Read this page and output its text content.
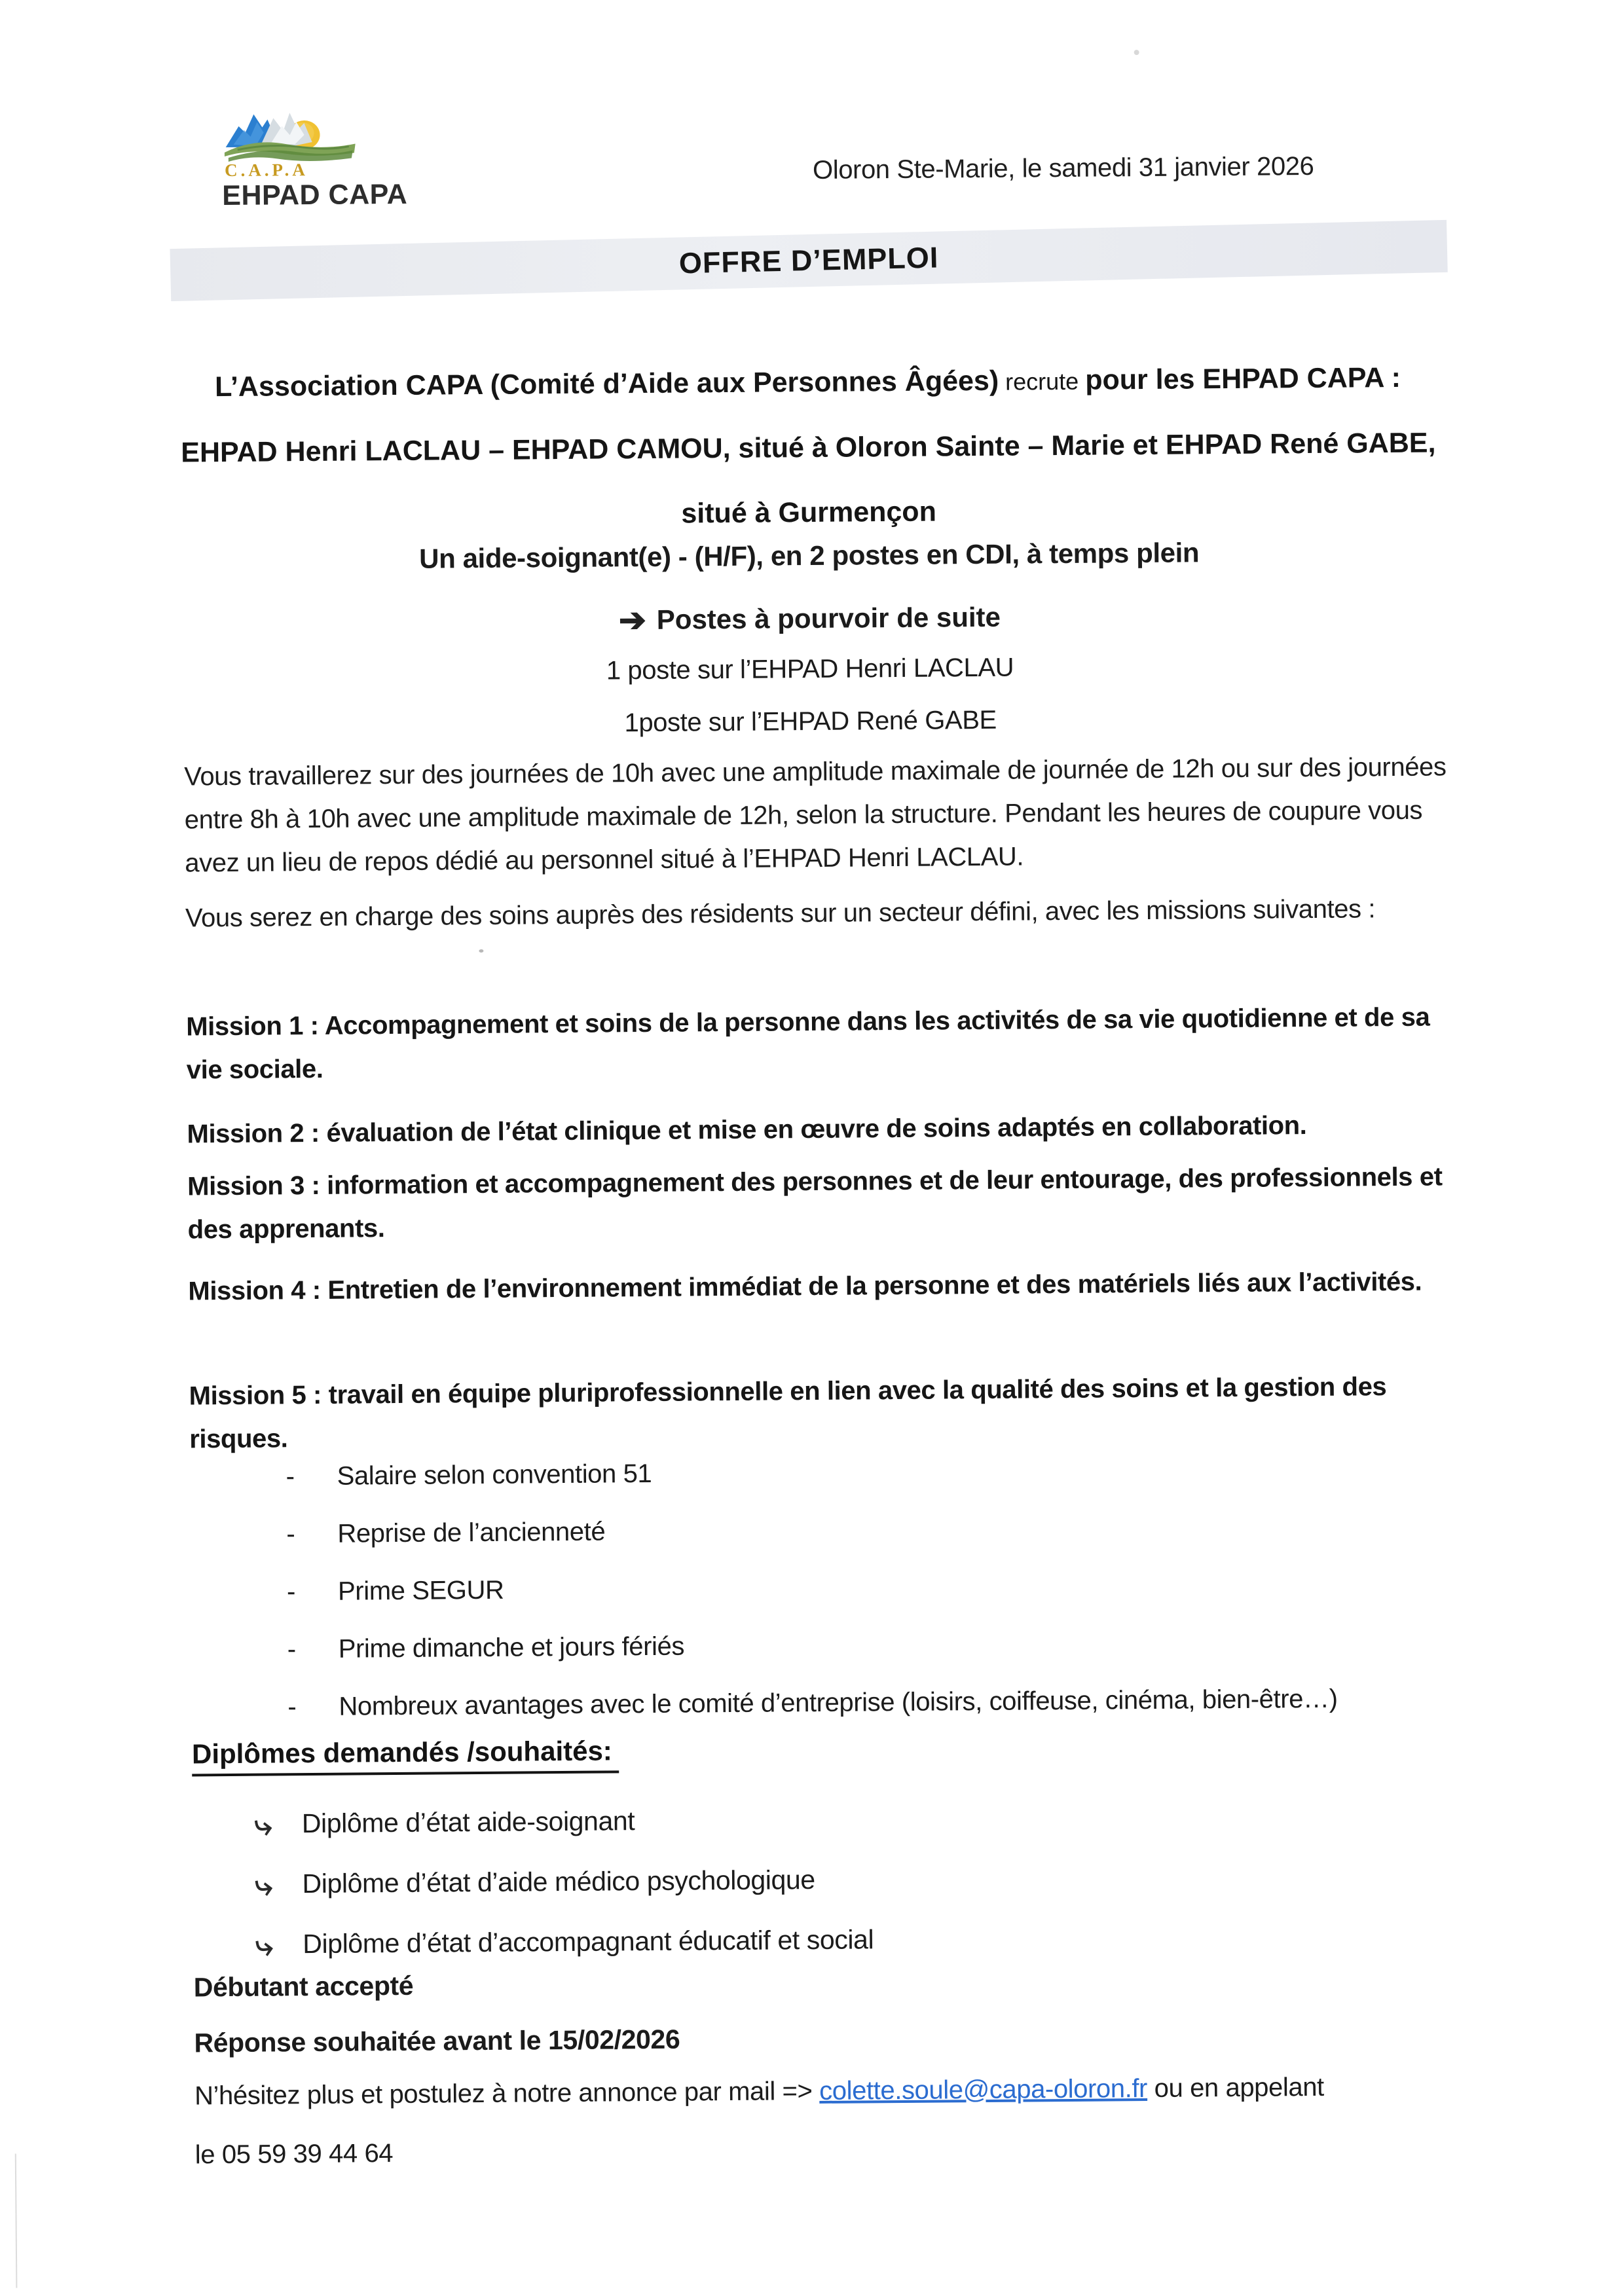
C.A.P.A
EHPAD CAPA
Oloron Ste-Marie, le samedi 31 janvier 2026
OFFRE D’EMPLOI
L’Association CAPA (Comité d’Aide aux Personnes Âgées) recrute pour les EHPAD CAPA : EHPAD Henri LACLAU – EHPAD CAMOU, situé à Oloron Sainte – Marie et EHPAD René GABE, situé à Gurmençon
Un aide-soignant(e) - (H/F), en 2 postes en CDI, à temps plein
➔ Postes à pourvoir de suite
1 poste sur l’EHPAD Henri LACLAU
1poste sur l’EHPAD René GABE
Vous travaillerez sur des journées de 10h avec une amplitude maximale de journée de 12h ou sur des journées entre 8h à 10h avec une amplitude maximale de 12h, selon la structure. Pendant les heures de coupure vous avez un lieu de repos dédié au personnel situé à l’EHPAD Henri LACLAU.
Vous serez en charge des soins auprès des résidents sur un secteur défini, avec les missions suivantes :
Mission 1 : Accompagnement et soins de la personne dans les activités de sa vie quotidienne et de sa vie sociale.
Mission 2 : évaluation de l’état clinique et mise en œuvre de soins adaptés en collaboration.
Mission 3 : information et accompagnement des personnes et de leur entourage, des professionnels et des apprenants.
Mission 4 : Entretien de l’environnement immédiat de la personne et des matériels liés aux l’activités.
Mission 5 : travail en équipe pluriprofessionnelle en lien avec la qualité des soins et la gestion des risques.
-	Salaire selon convention 51
-	Reprise de l’ancienneté
-	Prime SEGUR
-	Prime dimanche et jours fériés
-	Nombreux avantages avec le comité d’entreprise (loisirs, coiffeuse, cinéma, bien-être…)
Diplômes demandés /souhaités:
⤷	Diplôme d’état aide-soignant
⤷	Diplôme d’état d’aide médico psychologique
⤷	Diplôme d’état d’accompagnant éducatif et social
Débutant accepté
Réponse souhaitée avant le 15/02/2026
N’hésitez plus et postulez à notre annonce par mail => colette.soule@capa-oloron.fr ou en appelant
le 05 59 39 44 64
